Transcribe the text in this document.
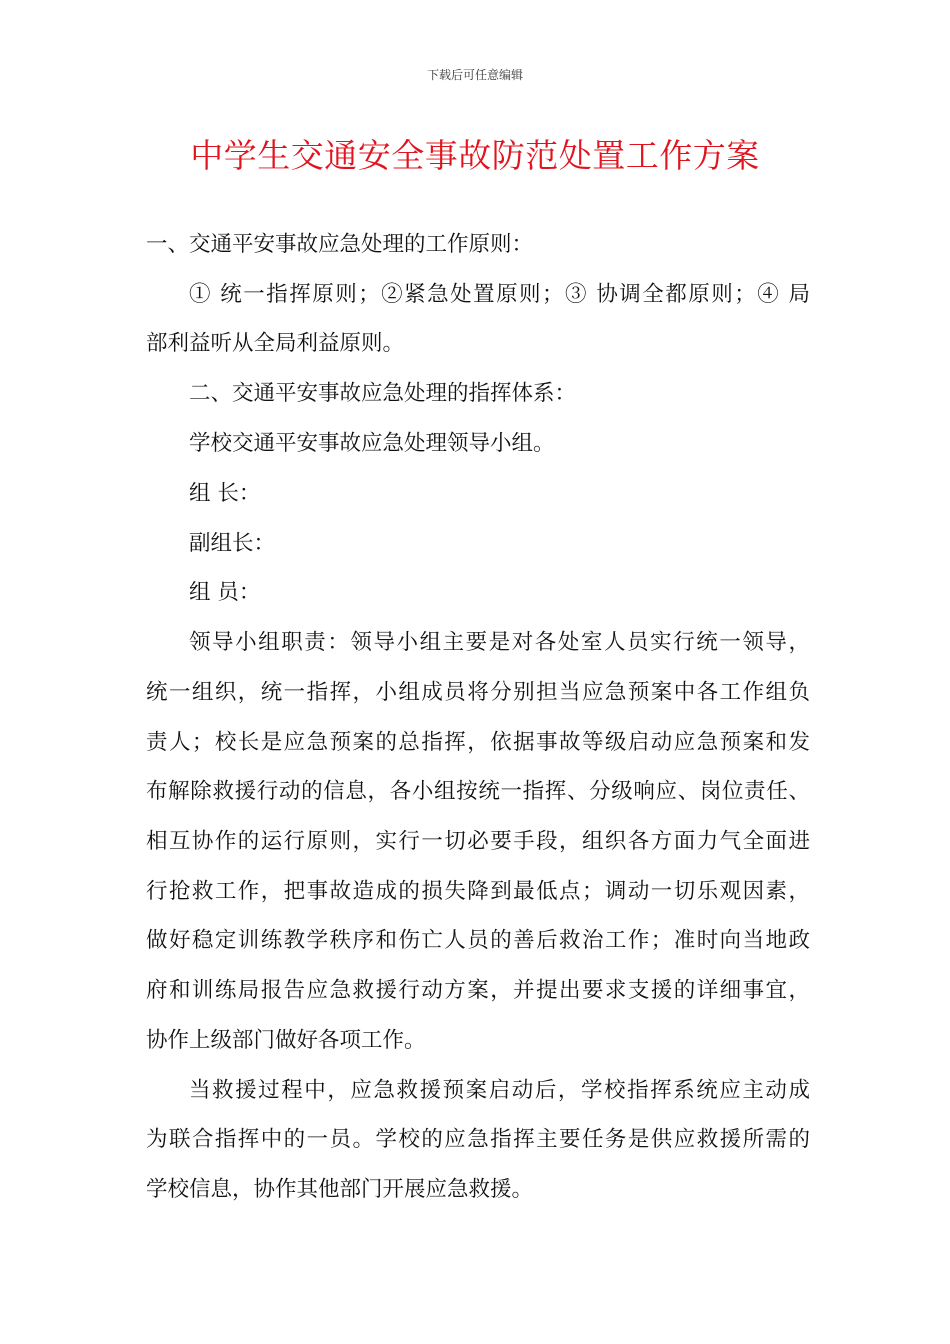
下载后可任意编辑
中学生交通安全事故防范处置工作方案
一、交通平安事故应急处理的工作原则：
① 统一指挥原则；②紧急处置原则；③ 协调全都原则；④ 局
部利益听从全局利益原则。
二、交通平安事故应急处理的指挥体系：
学校交通平安事故应急处理领导小组。
组 长：
副组长：
组 员：
领导小组职责：领导小组主要是对各处室人员实行统一领导，
统一组织，统一指挥，小组成员将分别担当应急预案中各工作组负
责人；校长是应急预案的总指挥，依据事故等级启动应急预案和发
布解除救援行动的信息，各小组按统一指挥、分级响应、岗位责任、
相互协作的运行原则，实行一切必要手段，组织各方面力气全面进
行抢救工作，把事故造成的损失降到最低点；调动一切乐观因素，
做好稳定训练教学秩序和伤亡人员的善后救治工作；准时向当地政
府和训练局报告应急救援行动方案，并提出要求支援的详细事宜，
协作上级部门做好各项工作。
当救援过程中，应急救援预案启动后，学校指挥系统应主动成
为联合指挥中的一员。学校的应急指挥主要任务是供应救援所需的
学校信息，协作其他部门开展应急救援。
